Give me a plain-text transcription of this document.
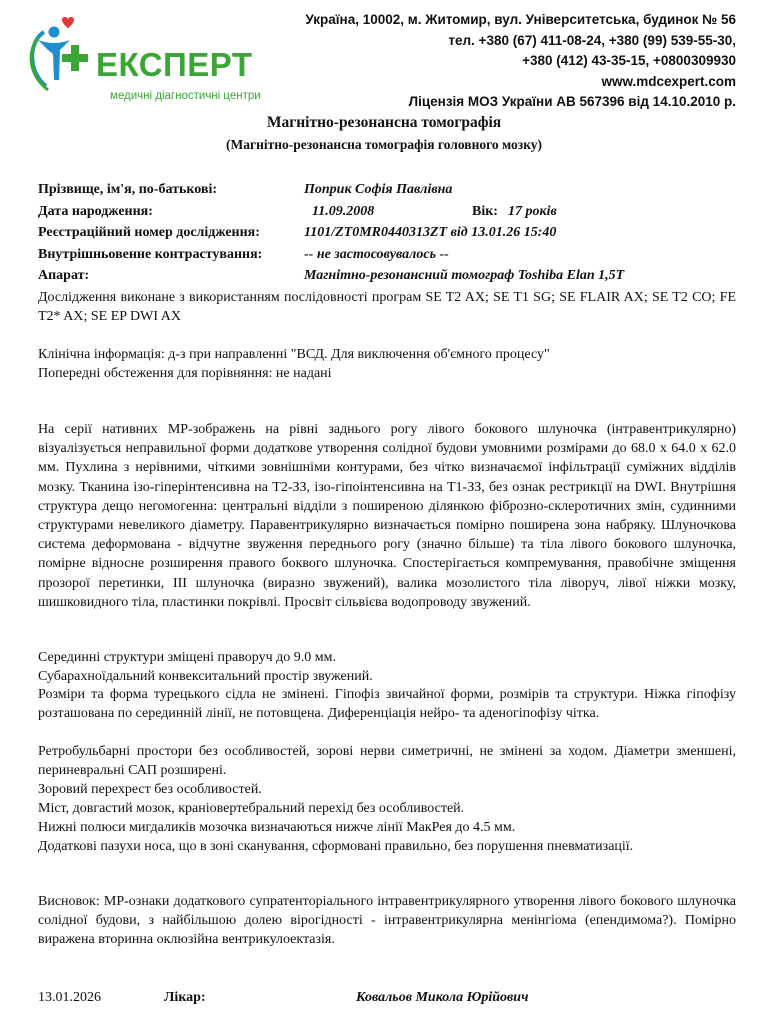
ЕКСПЕРТ
медичні діагностичні центри
Україна, 10002, м. Житомир, вул. Університетська, будинок № 56
тел. +380 (67) 411-08-24, +380 (99) 539-55-30,
+380 (412) 43-35-15, +0800309930
www.mdcexpert.com
Ліцензія МОЗ України АВ 567396 від 14.10.2010 р.
Магнітно-резонансна томографія
(Магнітно-резонансна томографія головного мозку)
Прізвище, ім'я, по-батькові:	Поприк Софія Павлівна
Дата народження:	11.09.2008	Вік: 17 років
Реєстраційний номер дослідження:	1101/ZT0MR0440313ZT від 13.01.26 15:40
Внутрішньовенне контрастування:	-- не застосовувалось --
Апарат:	Магнітно-резонансний томограф Toshiba Elan 1,5T
Дослідження виконане з використанням послідовності програм SE T2 AX; SE T1 SG; SE FLAIR AX; SE T2 CO; FE T2* AX; SE EP DWI AX
Клінічна інформація: д-з при направленні "ВСД. Для виключення об'ємного процесу"
Попередні обстеження для порівняння: не надані
На серії нативних МР-зображень на рівні заднього рогу лівого бокового шлуночка (інтравентрикулярно) візуалізується неправильної форми додаткове утворення солідної будови умовними розмірами до 68.0 x 64.0 x 62.0 мм. Пухлина з нерівними, чіткими зовнішніми контурами, без чітко визначаємої інфільтрації суміжних відділів мозку. Тканина ізо-гіперінтенсивна на Т2-ЗЗ, ізо-гіпоінтенсивна на Т1-ЗЗ, без ознак рестрикції на DWI. Внутрішня структура дещо негомогенна: центральні відділи з поширеною ділянкою фіброзно-склеротичних змін, судинними структурами невеликого діаметру. Паравентрикулярно визначається помірно поширена зона набряку. Шлуночкова система деформована - відчутне звуження переднього рогу (значно більше) та тіла лівого бокового шлуночка, помірне відносне розширення правого боквого шлуночка. Спостерігається компремування, правобічне зміщення прозорої перетинки, ІІІ шлуночка (виразно звужений), валика мозолистого тіла ліворуч, лівої ніжки мозку, шишковидного тіла, пластинки покрівлі. Просвіт сільвієва водопроводу звужений.
Серединні структури зміщені праворуч до 9.0 мм.
Субарахноїдальний конвекситальний простір звужений.
Розміри та форма турецького сідла не змінені. Гіпофіз звичайної форми, розмірів та структури. Ніжка гіпофізу розташована по серединній лінії, не потовщена. Диференціація нейро- та аденогіпофізу чітка.
Ретробульбарні простори без особливостей, зорові нерви симетричні, не змінені за ходом. Діаметри зменшені, периневральні САП розширені.
Зоровий перехрест без особливостей.
Міст, довгастий мозок, краніовертебральний перехід без особливостей.
Нижні полюси мигдаликів мозочка визначаються нижче лінії МакРея до 4.5 мм.
Додаткові пазухи носа, що в зоні сканування, сформовані правильно, без порушення пневматизації.
Висновок: МР-ознаки додаткового супратенторіального інтравентрикулярного утворення лівого бокового шлуночка солідної будови, з найбільшою долею вірогідності - інтравентрикулярна менінгіома (епендимома?). Помірно виражена вторинна оклюзійна вентрикулоектазія.
13.01.2026	Лікар:	Ковальов Микола Юрійович
